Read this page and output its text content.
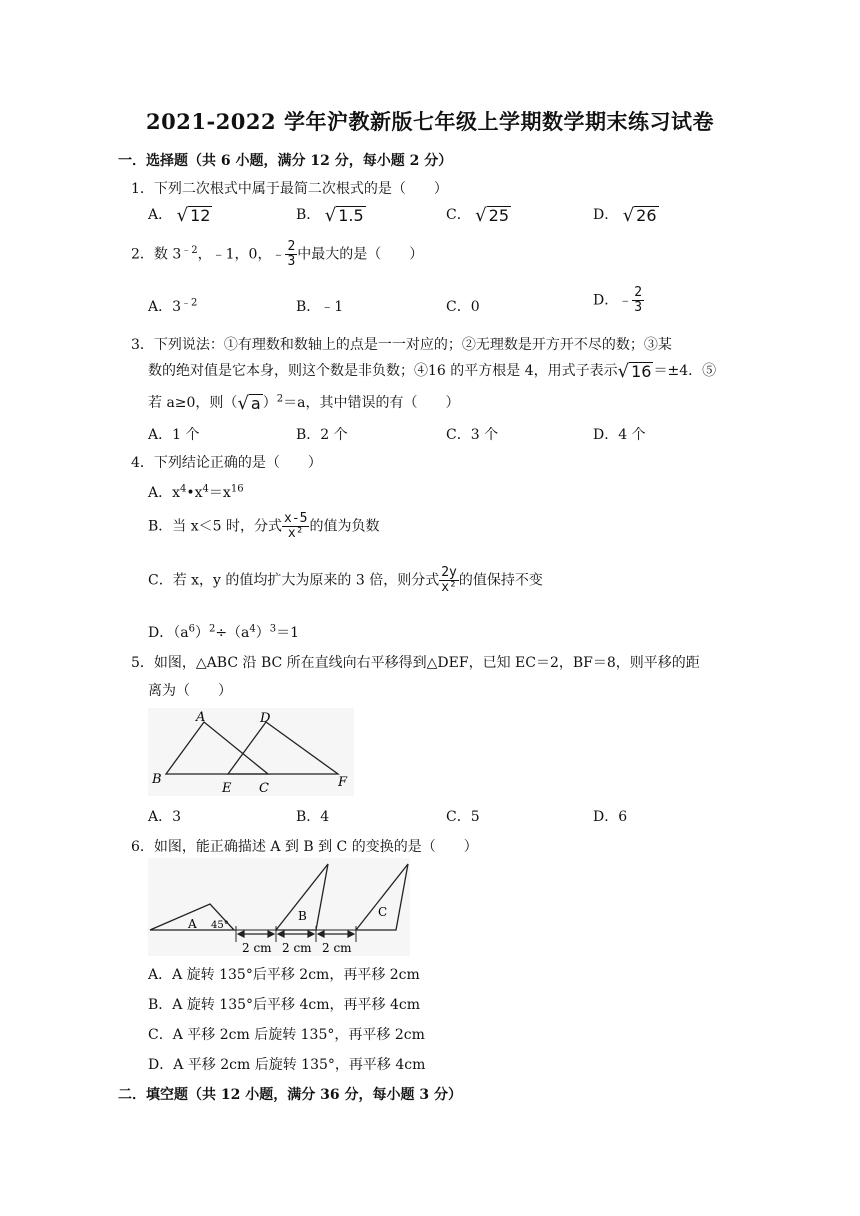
2021-2022 学年沪教新版七年级上学期数学期末练习试卷
一．选择题（共 6 小题，满分 12 分，每小题 2 分）
1．下列二次根式中属于最简二次根式的是（　　）
A． √ 12	B． √ 1.5	C． √ 25	D． √ 26
2．数 $3^{﹣2}$，﹣1，0，﹣ $\frac{2}{3}$ 中最大的是（　　）
A．$3^{﹣2}$	B．﹣1	C．0	D．﹣ $\frac{2}{3}$
3．下列说法：①有理数和数轴上的点是一一对应的；②无理数是开方开不尽的数；③某
数的绝对值是它本身，则这个数是非负数；④16 的平方根是 4，用式子表示 √ 16 ＝±4．⑤
若 a≥0，则（ √ a ）$^2$＝a，其中错误的有（　　）
A．1 个	B．2 个	C．3 个	D．4 个
4．下列结论正确的是（　　）
A．$x^4•x^4=x^{16}$
B．当 x＜5 时，分式 $\frac{x-5}{\text{x²}}$ 的值为负数
C．若 x，y 的值均扩大为原来的 3 倍，则分式 $\frac{2y}{\text{x²}}$ 的值保持不变
D．$(a^6)^2\div(a^4)^3=1$
5．如图，△ABC 沿 BC 所在直线向右平移得到△DEF，已知 EC＝2，BF＝8，则平移的距
离为（　　）
A	D
B
E C	F
A．3	B．4	C．5	D．6
6．如图，能正确描述 A 到 B 到 C 的变换的是（　　）
A 45°
B	C
2 cm 2 cm 2 cm
A．A 旋转 135°后平移 2cm，再平移 2cm
B．A 旋转 135°后平移 4cm，再平移 4cm
C．A 平移 2cm 后旋转 135°，再平移 2cm
D．A 平移 2cm 后旋转 135°，再平移 4cm
二．填空题（共 12 小题，满分 36 分，每小题 3 分）
